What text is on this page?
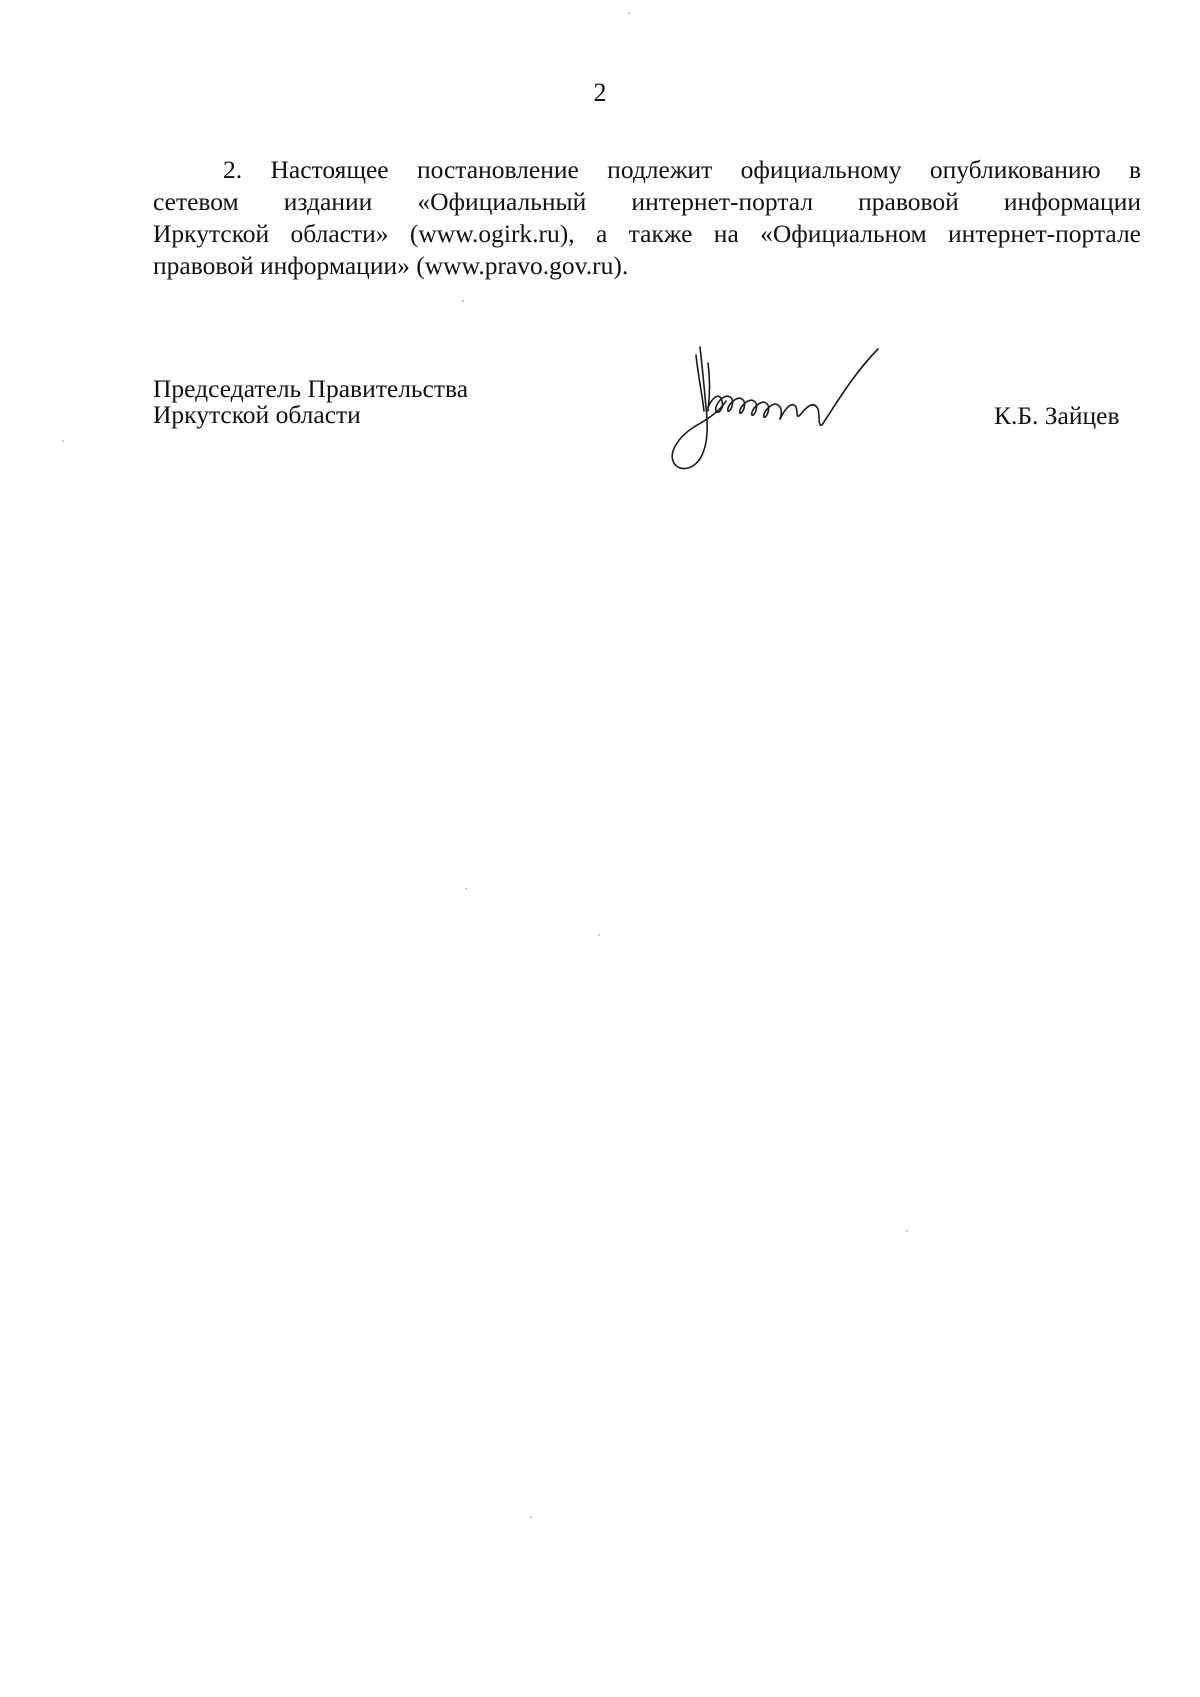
2
2. Настоящее постановление подлежит официальному опубликованию в
сетевом издании «Официальный интернет-портал правовой информации
Иркутской области» (www.ogirk.ru), а также на «Официальном интернет-портале
правовой информации» (www.pravo.gov.ru).
Председатель Правительства
Иркутской области	К.Б. Зайцев
